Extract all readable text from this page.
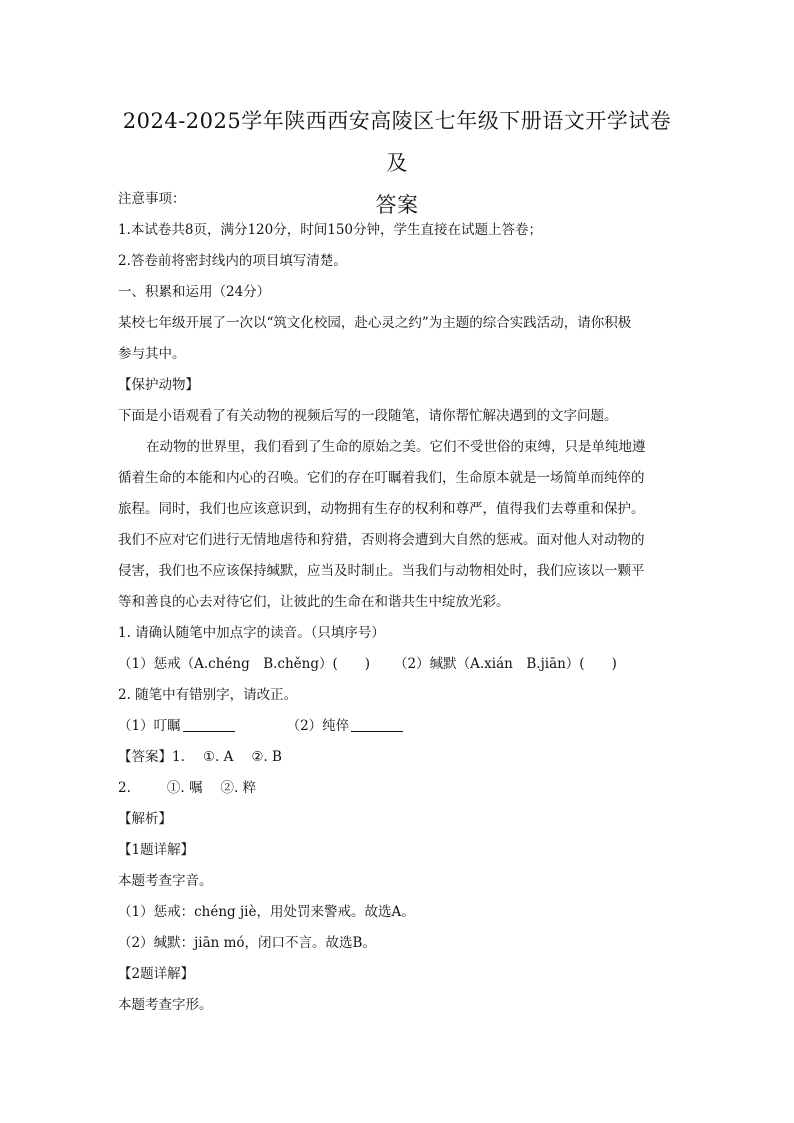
2024-2025学年陕西西安高陵区七年级下册语文开学试卷及
答案
注意事项：
1.本试卷共8页，满分120分，时间150分钟，学生直接在试题上答卷；
2.答卷前将密封线内的项目填写清楚。
一、积累和运用（24分）
某校七年级开展了一次以“筑文化校园，赴心灵之约”为主题的综合实践活动，请你积极
参与其中。
【保护动物】
下面是小语观看了有关动物的视频后写的一段随笔，请你帮忙解决遇到的文字问题。
在动物的世界里，我们看到了生命的原始之美。它们不受世俗的束缚，只是单纯地遵
循着生命的本能和内心的召唤。它们的存在叮瞩着我们，生命原本就是一场简单而纯倅的
旅程。同时，我们也应该意识到，动物拥有生存的权利和尊严，值得我们去尊重和保护。
我们不应对它们进行无情地虐待和狩猎，否则将会遭到大自然的惩戒。面对他人对动物的
侵害，我们也不应该保持缄默，应当及时制止。当我们与动物相处时，我们应该以一颗平
等和善良的心去对待它们，让彼此的生命在和谐共生中绽放光彩。
1. 请确认随笔中加点字的读音。（只填序号）
（1）惩戒（A.chéng　B.chěng）(　　) （2）缄默（A.xián　B.jiān）(　　)
2. 随笔中有错别字，请改正。
（1）叮瞩	（2）纯倅
【答案】1. ①. A ②. B
2.	①. 嘱 ②. 粹
【解析】
【1题详解】
本题考查字音。
（1）惩戒：chéng jiè，用处罚来警戒。故选A。
（2）缄默：jiān mó，闭口不言。故选B。
【2题详解】
本题考查字形。
